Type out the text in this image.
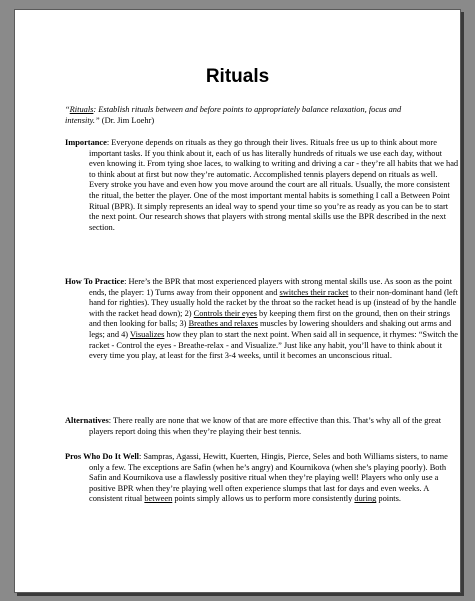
Rituals
“Rituals: Establish rituals between and before points to appropriately balance relaxation, focus and intensity.” (Dr. Jim Loehr)
Importance: Everyone depends on rituals as they go through their lives. Rituals free us up to think about more important tasks. If you think about it, each of us has literally hundreds of rituals we use each day, without even knowing it. From tying shoe laces, to walking to writing and driving a car - they’re all habits that we had to think about at first but now they’re automatic. Accomplished tennis players depend on rituals as well. Every stroke you have and even how you move around the court are all rituals. Usually, the more consistent the ritual, the better the player. One of the most important mental habits is something I call a Between Point Ritual (BPR). It simply represents an ideal way to spend your time so you’re as ready as you can be to start the next point. Our research shows that players with strong mental skills use the BPR described in the next section.
How To Practice: Here’s the BPR that most experienced players with strong mental skills use. As soon as the point ends, the player: 1) Turns away from their opponent and switches their racket to their non-dominant hand (left hand for righties). They usually hold the racket by the throat so the racket head is up (instead of by the handle with the racket head down); 2) Controls their eyes by keeping them first on the ground, then on their strings and then looking for balls; 3) Breathes and relaxes muscles by lowering shoulders and shaking out arms and legs; and 4) Visualizes how they plan to start the next point. When said all in sequence, it rhymes: “Switch the racket - Control the eyes - Breathe-relax - and Visualize.” Just like any habit, you’ll have to think about it every time you play, at least for the first 3-4 weeks, until it becomes an unconscious ritual.
Alternatives: There really are none that we know of that are more effective than this. That’s why all of the great players report doing this when they’re playing their best tennis.
Pros Who Do It Well: Sampras, Agassi, Hewitt, Kuerten, Hingis, Pierce, Seles and both Williams sisters, to name only a few. The exceptions are Safin (when he’s angry) and Kournikova (when she’s playing poorly). Both Safin and Kournikova use a flawlessly positive ritual when they’re playing well! Players who only use a positive BPR when they’re playing well often experience slumps that last for days and even weeks. A consistent ritual between points simply allows us to perform more consistently during points.
